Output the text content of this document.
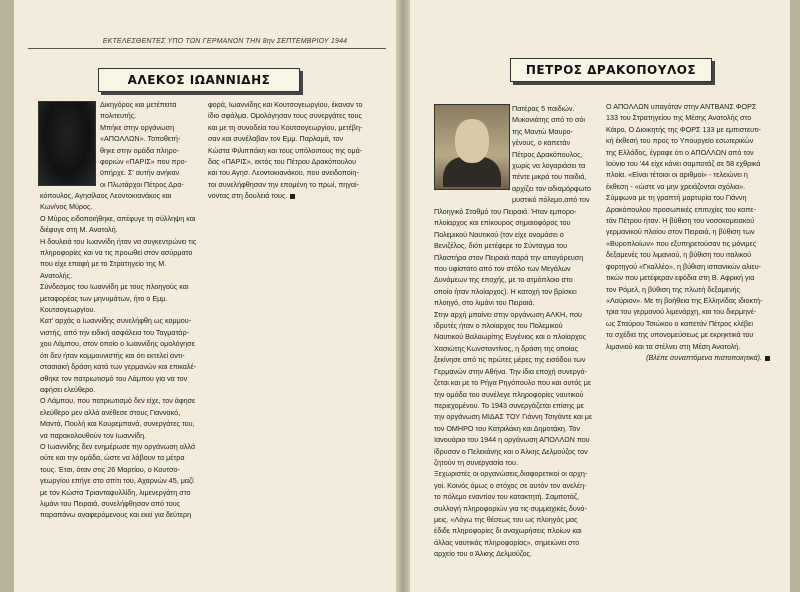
ΕΚΤΕΛΕΣΘΕΝΤΕΣ ΥΠΟ ΤΩΝ ΓΕΡΜΑΝΩΝ ΤΗΝ 8ην ΣΕΠΤΕΜΒΡΙΟΥ 1944
ΑΛΕΚΟΣ ΙΩΑΝΝΙΔΗΣ
Δικηγόρος και μετέπειτα
πολιτευτής.
Μπήκε στην οργάνωση
«ΑΠΟΛΛΩΝ». Τοποθετή-
θηκε στην ομάδα πληρο-
φοριών «ΠΑΡΙΣ» που προ-
ϋπήρχε. Σ' αυτήν ανήκαν
οι Πλωτάρχοι Πέτρος Δρα-
κόπουλος, Αγησίλαος Λεοντοκιανάκος και
Κων/νος Μύρος.
Ο Μύρος ειδοποιήθηκε, απέφυγε τη σύλληψη και
διέφυγε στη Μ. Ανατολή.
Η δουλειά του Ιωαννίδη ήταν να συγκεντρώνει τις
πληροφορίες και να τις προωθεί στον ασύρματο
που είχε επαφή με το Στρατηγείο της Μ.
Ανατολής.
Σύνδεσμος του Ιωαννίδη με τους πλοηγούς και
μεταφορέας των μηνυμάτων, ήτο ο Εμμ.
Κουτσογεωργίου.
Κατ' αρχάς ο Ιωαννίδης συνελήφθη ως κομμου-
νιστής, από την ειδική ασφάλεια του Ταγματάρ-
χου Λάμπου, στον οποίο ο Ιωαννίδης ομολόγησε
ότι δεν ήταν κομμουνιστής και ότι εκτελεί αντι-
στασιακή δράση κατά των γερμανών και επικαλέ-
σθηκε τον πατριωτισμό του Λάμπου για να τον
αφήσει ελεύθερο.
Ο Λάμπου, που πατριωτισμό δεν είχε, τον άφησε
ελεύθερο μεν αλλά ανέθεσε στους Γιαννακό,
Μαντά, Πουλή και Κουρεμπανά, συνεργάτες του,
να παρακολουθούν τον Ιωαννίδη.
Ο Ιωαννίδης δεν ενημέρωσε την οργάνωση αλλά
ούτε και την ομάδα, ώστε να λάβουν τα μέτρα
τους. Έτσι, όταν στις 26 Μαρτίου, ο Κουτσο-
γεωργίου επήγε στο σπίτι του, Αχαρνών 45, μαζί
με τον Κώστα Τριανταφυλλίδη, λιμενεργάτη στο
λιμάνι του Πειραιά, συνελήφθησαν από τους
παραπάνω αναφερόμενους και εκεί για δεύτερη
φορά, Ιωαννίδης και Κουτσογεωργίου, έκαναν το
ίδιο σφάλμα. Ομολόγησαν τους συνεργάτες τους
και με τη συνοδεία του Κουτσογεωργίου, μετέβη-
σαν και συνέλαβαν τον Εμμ. Παρλαμά, τον
Κώστα Φιλιππάκη και τους υπόλοιπους της ομά-
δας «ΠΑΡΙΣ», εκτός του Πέτρου Δρακόπουλου
και του Αγησ. Λεοντοκιανάκου, που ανειδοποίη-
τοι συνελήφθησαν την επομένη το πρωί, πηγαί-
νοντας στη δουλειά τους.
ΠΕΤΡΟΣ ΔΡΑΚΟΠΟΥΛΟΣ
Πατέρας 5 παιδιών.
Μυκονιάτης από το σόι
της Μαντώ Μαυρο-
γένους, ο καπετάν
Πέτρος Δρακόπουλος,
χωρίς να λογαριάσει τα
πέντε μικρά του παιδιά,
αρχίζει τον αδιαμόρφωτο
μυστικό πόλεμο,από τον
Πλοηγικό Σταθμό του Πειραιά. Ήταν εμπορο-
πλοίαρχος και επίκουρος σημαιοφόρος του
Πολεμικού Ναυτικού (τον είχε ονομάσει ο
Βενιζέλος, διότι μετέφερε το Σύνταγμα του
Πλαστήρα στον Πειραιά παρά την απαγόρευση
που υφίστατο από τον στόλο των Μεγάλων
Δυνάμεων της εποχής, με το ατμόπλοιο στο
οποίο ήταν πλοίαρχος). Η κατοχή τον βρίσκει
πλοηγό, στο λιμάνι του Πειραιά.
Στην αρχή μπαίνει στην οργάνωση ΑΛΚΗ, που
ιδρυτές ήταν ο πλοίαρχος του Πολεμικού
Ναυτικού Βαλαωρίτης Ευγένιος και ο πλοίαρχος
Χασιώτης Κωνσταντίνος, η δράση της οποίας
ξεκίνησε από τις πρώτες μέρες της εισόδου των
Γερμανών στην Αθήνα. Την ίδια εποχή συνεργά-
ζεται και με το Ρήγα Ρηγόπουλο που και αυτός με
την ομάδα του συνέλεγε πληροφορίες ναυτικού
περιεχομένου. Το 1943 συνεργάζεται επίσης με
την οργάνωση ΜΙΔΑΣ ΤΟΥ Γιάννη Τσιγάντε και με
τον ΟΜΗΡΟ του Κατριλάκη και Δημοτάκη. Τον
Ιανουάριο του 1944 η οργάνωση ΑΠΟΛΛΩΝ που
ίδρυσαν ο Πελεκάνης και ο Άλκης Δελμούζος τον
ζητούν τη συνεργασία του.
Ξεχωριστές οι οργανώσεις,διαφορετικοί οι αρχη-
γοί. Κοινός όμως ο στόχος σε αυτόν τον ανελέη-
το πόλεμο εναντίον του κατακτητή. Σαμποτάζ,
συλλογή πληροφοριών για τις συμμαχικές δυνά-
μεις. «Λόγω της θέσεως του ως πλοηγός μας
έδιδε πληροφορίες δι αναχωρήσεις πλοίων και
άλλας ναυτικάς πληροφορίας», σημειώνει στο
αρχείο του ο Άλκης Δελμούζος.
Ο ΑΠΟΛΛΩΝ υπαγόταν στην ΑΝΤΒΑΝΣ ΦΟΡΣ
133 του Στρατηγείου της Μέσης Ανατολής στο
Κάιρο. Ο Διοικητής της ΦΟΡΣ 133 με εμπιστευτι-
κή έκθεσή του προς το Υπουργείο εσωτερικών
της Ελλάδος, έγραφε ότι ο ΑΠΟΛΛΩΝ από τον
Ιούνιο του '44 είχε κάνει σαμποτάζ σε 58 εχθρικά
πλοία. «Είναι τέτοιοι οι αριθμοί» - τελειώνει η
έκθεση - «ώστε να μην χρειάζονται σχόλια».
Σύμφωνα με τη γραπτή μαρτυρία του Γιάννη
Δρακόπουλου προσωπικές επιτυχίες του καπε-
τάν Πέτρου ήταν. Η βύθιση του νοσοκομειακού
γερμανικού πλοίου στον Πειραιά, η βύθιση των
«Βυροπλοίων» που εξυπηρετούσαν τις μόνιμες
δεξαμενές του λιμανιού, η βύθιση του ιταλικού
φορτηγού «Γκαλλέο», η βύθιση ισπανικών αλιευ-
τικών που μετέφεραν εφόδια στη Β. Αφρική για
τον Ρόμελ, η βύθιση της πλωτή δεξαμενής
«Λαύριον». Με τη βοήθεια της Ελληνίδας ιδιοκτή-
τρια του γερμανού λιμενάρχη, και του διερμηνέ-
ως Σταύρου Τσιώκου ο καπετάν Πέτρος κλέβει
τα σχέδια της υπονομεύσεως με εκρηκτικά του
λιμανιού και τα στέλνει στη Μέση Ανατολή.
(Βλέπε συναπτόμενα πιστοποιητικά).
